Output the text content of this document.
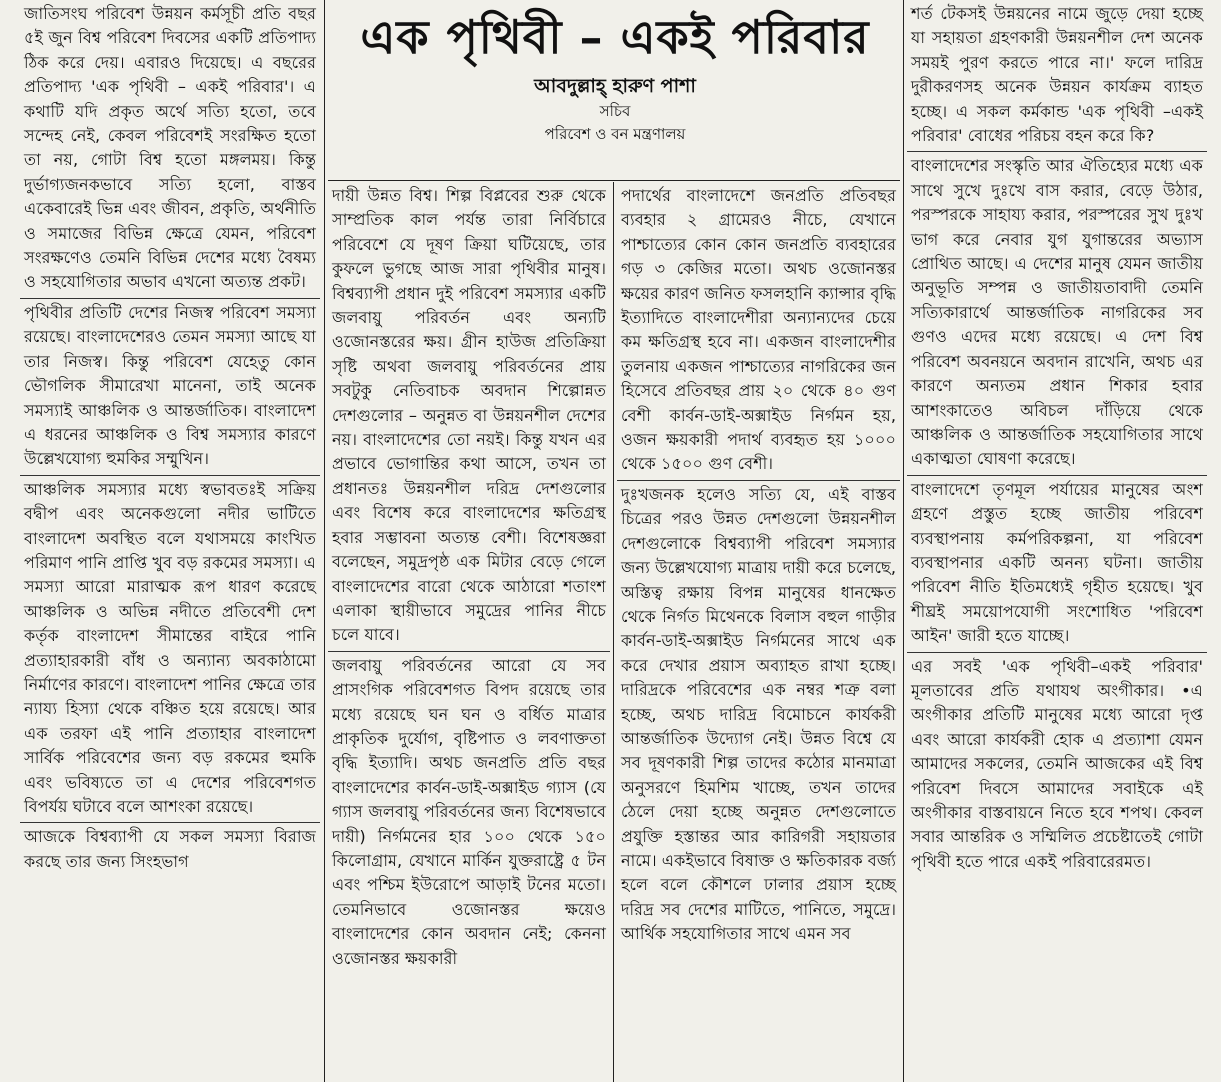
জাতিসংঘ পরিবেশ উন্নয়ন কর্মসূচী প্রতি বছর ৫ই জুন বিশ্ব পরিবেশ দিবসের একটি প্রতিপাদ্য ঠিক করে দেয়। এবারও দিয়েছে। এ বছরের প্রতিপাদ্য 'এক পৃথিবী – একই পরিবার'। এ কথাটি যদি প্রকৃত অর্থে সত্যি হতো, তবে সন্দেহ নেই, কেবল পরিবেশই সংরক্ষিত হতো তা নয়, গোটা বিশ্ব হতো মঙ্গলময়। কিন্তু দুর্ভাগ্যজনকভাবে সত্যি হলো, বাস্তব একেবারেই ভিন্ন এবং জীবন, প্রকৃতি, অর্থনীতি ও সমাজের বিভিন্ন ক্ষেত্রে যেমন, পরিবেশ সংরক্ষণেও তেমনি বিভিন্ন দেশের মধ্যে বৈষম্য ও সহযোগিতার অভাব এখনো অত্যন্ত প্রকট।

পৃথিবীর প্রতিটি দেশের নিজস্ব পরিবেশ সমস্যা রয়েছে। বাংলাদেশেরও তেমন সমস্যা আছে যা তার নিজস্ব। কিন্তু পরিবেশ যেহেতু কোন ভৌগলিক সীমারেখা মানেনা, তাই অনেক সমস্যাই আঞ্চলিক ও আন্তর্জাতিক। বাংলাদেশ এ ধরনের আঞ্চলিক ও বিশ্ব সমস্যার কারণে উল্লেখযোগ্য হুমকির সম্মুখিন।

আঞ্চলিক সমস্যার মধ্যে স্বভাবতঃই সক্রিয় বদ্বীপ এবং অনেকগুলো নদীর ভাটিতে বাংলাদেশ অবস্থিত বলে যথাসময়ে কাংখিত পরিমাণ পানি প্রাপ্তি খুব বড় রকমের সমস্যা। এ সমস্যা আরো মারাত্মক রূপ ধারণ করেছে আঞ্চলিক ও অভিন্ন নদীতে প্রতিবেশী দেশ কর্তৃক বাংলাদেশ সীমান্তের বাইরে পানি প্রত্যাহারকারী বাঁধ ও অন্যান্য অবকাঠামো নির্মাণের কারণে। বাংলাদেশ পানির ক্ষেত্রে তার ন্যায্য হিস্যা থেকে বঞ্চিত হয়ে রয়েছে। আর এক তরফা এই পানি প্রত্যাহার বাংলাদেশ সার্বিক পরিবেশের জন্য বড় রকমের হুমকি এবং ভবিষ্যতে তা এ দেশের পরিবেশগত বিপর্যয় ঘটাবে বলে আশংকা রয়েছে।

আজকে বিশ্বব্যাপী যে সকল সমস্যা বিরাজ করছে তার জন্য সিংহভাগ

এক পৃথিবী – একই পরিবার
আবদুল্লাহ্ হারুণ পাশা
সচিব
পরিবেশ ও বন মন্ত্রণালয়

দায়ী উন্নত বিশ্ব। শিল্প বিপ্লবের শুরু থেকে সাম্প্রতিক কাল পর্যন্ত তারা নির্বিচারে পরিবেশে যে দূষণ ক্রিয়া ঘটিয়েছে, তার কুফলে ভুগছে আজ সারা পৃথিবীর মানুষ। বিশ্বব্যাপী প্রধান দুই পরিবেশ সমস্যার একটি জলবায়ু পরিবর্তন এবং অন্যটি ওজোনস্তরের ক্ষয়। গ্রীন হাউজ প্রতিক্রিয়া সৃষ্টি অথবা জলবায়ু পরিবর্তনের প্রায় সবটুকু নেতিবাচক অবদান শিল্পোন্নত দেশগুলোর – অনুন্নত বা উন্নয়নশীল দেশের নয়। বাংলাদেশের তো নয়ই। কিন্তু যখন এর প্রভাবে ভোগান্তির কথা আসে, তখন তা প্রধানতঃ উন্নয়নশীল দরিদ্র দেশগুলোর এবং বিশেষ করে বাংলাদেশের ক্ষতিগ্রস্থ হবার সম্ভাবনা অত্যন্ত বেশী। বিশেষজ্ঞরা বলেছেন, সমুদ্রপৃষ্ঠ এক মিটার বেড়ে গেলে বাংলাদেশের বারো থেকে আঠারো শতাংশ এলাকা স্থায়ীভাবে সমুদ্রের পানির নীচে চলে যাবে।

জলবায়ু পরিবর্তনের আরো যে সব প্রাসংগিক পরিবেশগত বিপদ রয়েছে তার মধ্যে রয়েছে ঘন ঘন ও বর্ধিত মাত্রার প্রাকৃতিক দুর্যোগ, বৃষ্টিপাত ও লবণাক্ততা বৃদ্ধি ইত্যাদি। অথচ জনপ্রতি প্রতি বছর বাংলাদেশের কার্বন-ডাই-অক্সাইড গ্যাস (যে গ্যাস জলবায়ু পরিবর্তনের জন্য বিশেষভাবে দায়ী) নির্গমনের হার ১০০ থেকে ১৫০ কিলোগ্রাম, যেখানে মার্কিন যুক্তরাষ্ট্রে ৫ টন এবং পশ্চিম ইউরোপে আড়াই টনের মতো। তেমনিভাবে ওজোনস্তর ক্ষয়েও বাংলাদেশের কোন অবদান নেই; কেননা ওজোনস্তর ক্ষয়কারী

পদার্থের বাংলাদেশে জনপ্রতি প্রতিবছর ব্যবহার ২ গ্রামেরও নীচে, যেখানে পাশ্চাত্যের কোন কোন জনপ্রতি ব্যবহারের গড় ৩ কেজির মতো। অথচ ওজোনস্তর ক্ষয়ের কারণ জনিত ফসলহানি ক্যান্সার বৃদ্ধি ইত্যাদিতে বাংলাদেশীরা অন্যান্যদের চেয়ে কম ক্ষতিগ্রস্থ হবে না। একজন বাংলাদেশীর তুলনায় একজন পাশ্চাত্যের নাগরিকের জন হিসেবে প্রতিবছর প্রায় ২০ থেকে ৪০ গুণ বেশী কার্বন-ডাই-অক্সাইড নির্গমন হয়, ওজন ক্ষয়কারী পদার্থ ব্যবহৃত হয় ১০০০ থেকে ১৫০০ গুণ বেশী।

দুঃখজনক হলেও সত্যি যে, এই বাস্তব চিত্রের পরও উন্নত দেশগুলো উন্নয়নশীল দেশগুলোকে বিশ্বব্যাপী পরিবেশ সমস্যার জন্য উল্লেখযোগ্য মাত্রায় দায়ী করে চলেছে, অস্তিত্ব রক্ষায় বিপন্ন মানুষের ধানক্ষেত থেকে নির্গত মিথেনকে বিলাস বহুল গাড়ীর কার্বন-ডাই-অক্সাইড নির্গমনের সাথে এক করে দেখার প্রয়াস অব্যাহত রাখা হচ্ছে। দারিদ্রকে পরিবেশের এক নম্বর শত্রু বলা হচ্ছে, অথচ দারিদ্র বিমোচনে কার্যকরী আন্তর্জাতিক উদ্যোগ নেই। উন্নত বিশ্বে যে সব দূষণকারী শিল্প তাদের কঠোর মানমাত্রা অনুসরণে হিমশিম খাচ্ছে, তখন তাদের ঠেলে দেয়া হচ্ছে অনুন্নত দেশগুলোতে প্রযুক্তি হস্তান্তর আর কারিগরী সহায়তার নামে। একইভাবে বিষাক্ত ও ক্ষতিকারক বর্জ্য হলে বলে কৌশলে ঢালার প্রয়াস হচ্ছে দরিদ্র সব দেশের মাটিতে, পানিতে, সমুদ্রে। আর্থিক সহযোগিতার সাথে এমন সব

শর্ত টেকসই উন্নয়নের নামে জুড়ে দেয়া হচ্ছে যা সহায়তা গ্রহণকারী উন্নয়নশীল দেশ অনেক সময়ই পুরণ করতে পারে না।' ফলে দারিদ্র দুরীকরণসহ অনেক উন্নয়ন কার্যক্রম ব্যাহত হচ্ছে। এ সকল কর্মকান্ড 'এক পৃথিবী –একই পরিবার' বোধের পরিচয় বহন করে কি?

বাংলাদেশের সংস্কৃতি আর ঐতিহ্যের মধ্যে এক সাথে সুখে দুঃখে বাস করার, বেড়ে উঠার, পরস্পরকে সাহায্য করার, পরস্পরের সুখ দুঃখ ভাগ করে নেবার যুগ যুগান্তরের অভ্যাস প্রোথিত আছে। এ দেশের মানুষ যেমন জাতীয় অনুভূতি সম্পন্ন ও জাতীয়তাবাদী তেমনি সত্যিকারার্থে আন্তর্জাতিক নাগরিকের সব গুণও এদের মধ্যে রয়েছে। এ দেশ বিশ্ব পরিবেশ অবনয়নে অবদান রাখেনি, অথচ এর কারণে অন্যতম প্রধান শিকার হবার আশংকাতেও অবিচল দাঁড়িয়ে থেকে আঞ্চলিক ও আন্তর্জাতিক সহযোগিতার সাথে একাত্মতা ঘোষণা করেছে।

বাংলাদেশে তৃণমূল পর্যায়ের মানুষের অংশ গ্রহণে প্রস্তুত হচ্ছে জাতীয় পরিবেশ ব্যবস্থাপনায় কর্মপরিকল্পনা, যা পরিবেশ ব্যবস্থাপনার একটি অনন্য ঘটনা। জাতীয় পরিবেশ নীতি ইতিমধ্যেই গৃহীত হয়েছে। খুব শীঘ্রই সময়োপযোগী সংশোধিত 'পরিবেশ আইন' জারী হতে যাচ্ছে।

এর সবই 'এক পৃথিবী–একই পরিবার' মূলতাবের প্রতি যথাযথ অংগীকার। •এ অংগীকার প্রতিটি মানুষের মধ্যে আরো দৃপ্ত এবং আরো কার্যকরী হোক এ প্রত্যাশা যেমন আমাদের সকলের, তেমনি আজকের এই বিশ্ব পরিবেশ দিবসে আমাদের সবাইকে এই অংগীকার বাস্তবায়নে নিতে হবে শপথ। কেবল সবার আন্তরিক ও সম্মিলিত প্রচেষ্টাতেই গোটা পৃথিবী হতে পারে একই পরিবারেরমত।
